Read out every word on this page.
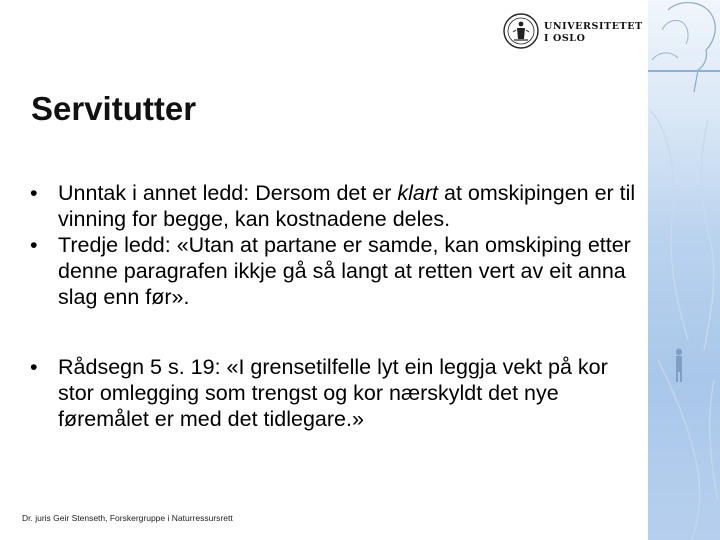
UNIVERSITETET
I OSLO
Servitutter
• Unntak i annet ledd: Dersom det er klart at omskipingen er til vinning for begge, kan kostnadene deles.
• Tredje ledd: «Utan at partane er samde, kan omskiping etter denne paragrafen ikkje gå så langt at retten vert av eit anna slag enn før».
• Rådsegn 5 s. 19: «I grensetilfelle lyt ein leggja vekt på kor stor omlegging som trengst og kor nærskyldt det nye føremålet er med det tidlegare.»
Dr. juris Geir Stenseth, Forskergruppe i Naturressursrett
